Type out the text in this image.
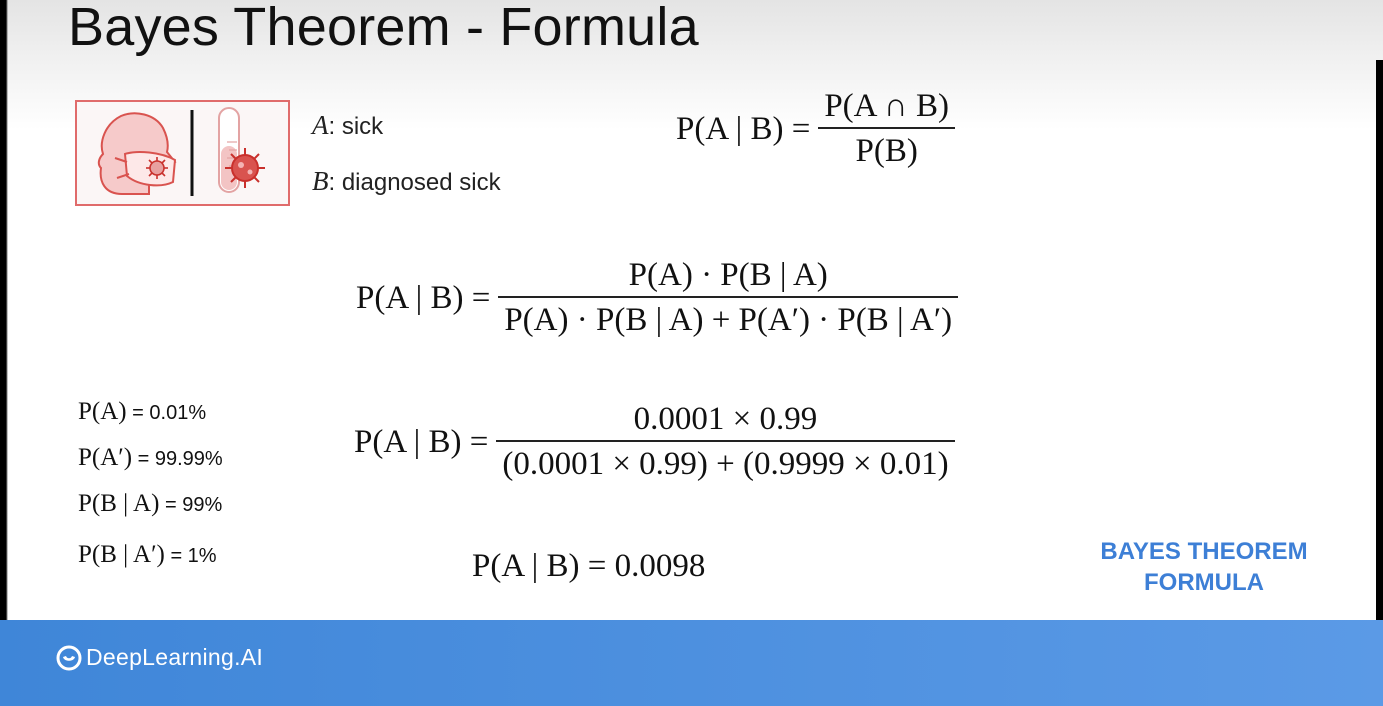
Bayes Theorem - Formula
A: sick
B: diagnosed sick
P(A | $B) = \frac{P(A \cap B)}{P(B)}$
P(A | $B) = \frac{P(A) \cdot P(B | A)}{P(A) \cdot P(B | A) + P(A') \cdot P(B | A')}$
P(A) = 0.01%
P(A′) = 99.99%
P(B | A) = 99%
P(B | A′) = 1%
P(A | $B) = \frac{0.0001 \times 0.99}{(0.0001 \times 0.99) + (0.9999 \times 0.01)}$
P(A | B) = 0.0098	BAYES THEOREM
FORMULA
DeepLearning.AI
